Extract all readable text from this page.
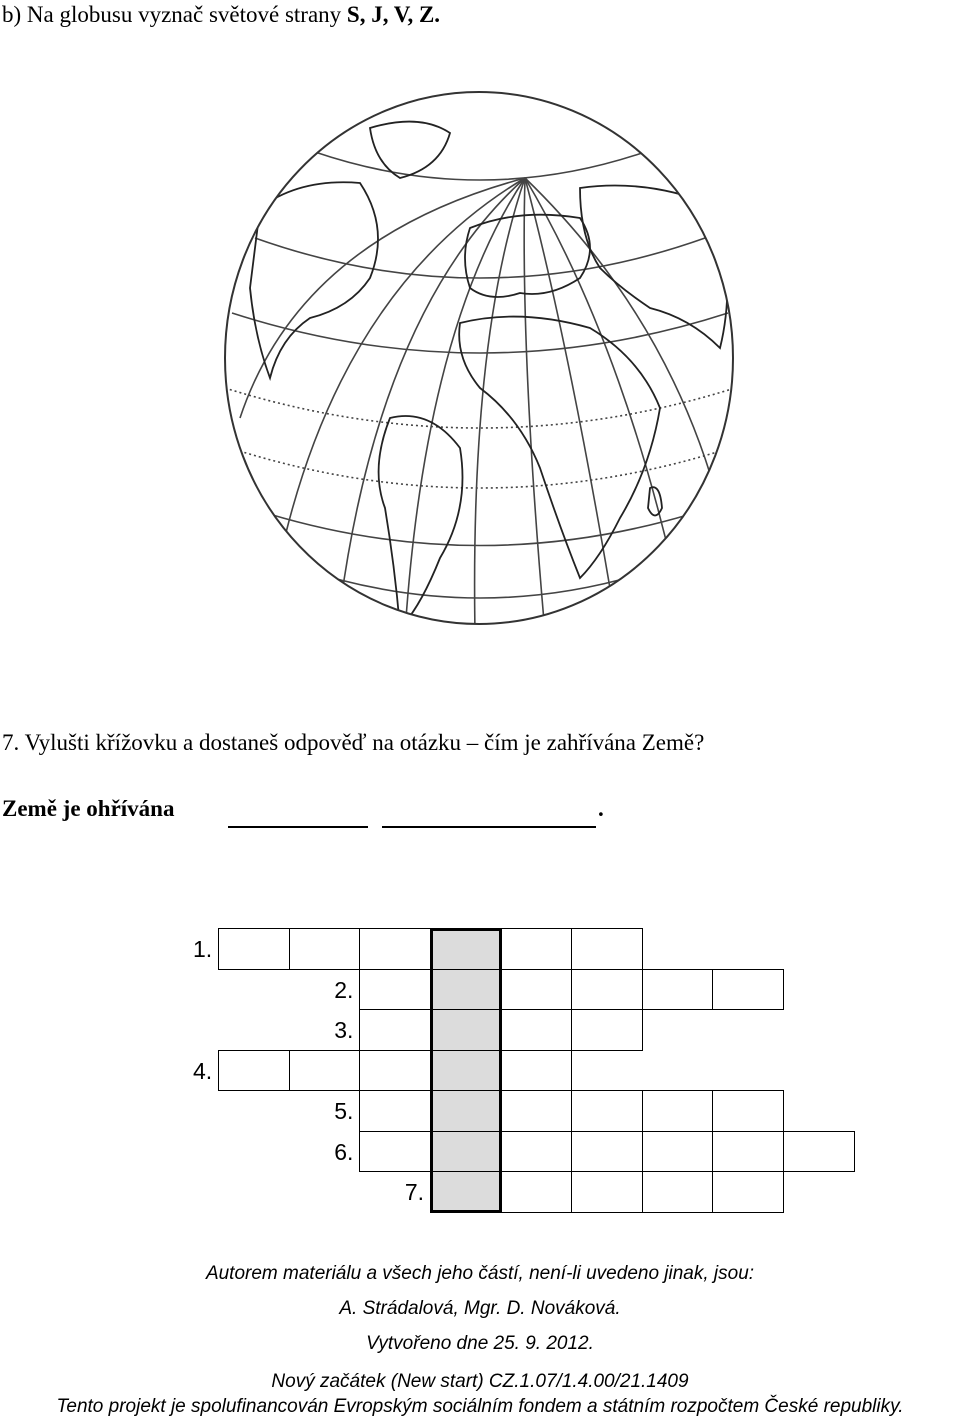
b) Na globusu vyznač světové strany S, J, V, Z.
7. Vylušti křížovku a dostaneš odpověď na otázku – čím je zahřívána Země?
Země je ohřívána	.
1.
2.
3.
4.
5.
6.
7.
Autorem materiálu a všech jeho částí, není-li uvedeno jinak, jsou:
A. Strádalová, Mgr. D. Nováková.
Vytvořeno dne 25. 9. 2012.
Nový začátek (New start) CZ.1.07/1.4.00/21.1409
Tento projekt je spolufinancován Evropským sociálním fondem a státním rozpočtem České republiky.
